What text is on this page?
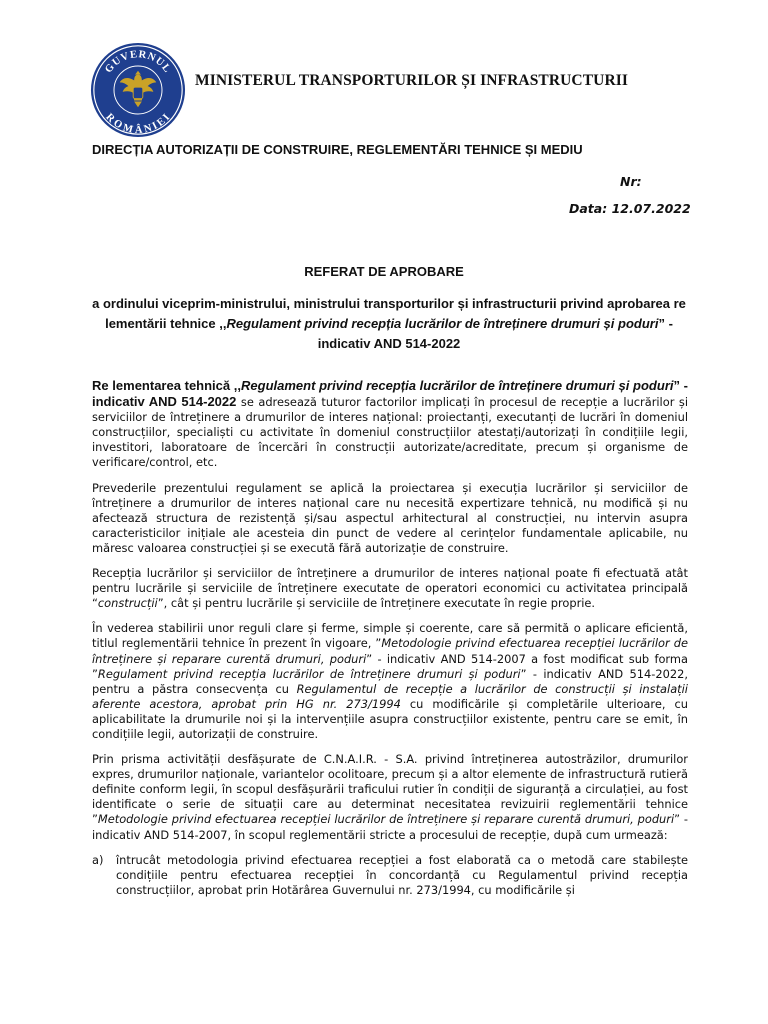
GUVERNUL
ROMÂNIEI
MINISTERUL TRANSPORTURILOR ȘI INFRASTRUCTURII
DIRECȚIA AUTORIZAȚII DE CONSTRUIRE, REGLEMENTĂRI TEHNICE ȘI MEDIU
Nr:
Data: 12.07.2022
REFERAT DE APROBARE
a ordinului viceprim-ministrului, ministrului transporturilor și infrastructurii privind aprobarea re lementării tehnice ,,Regulament privind recepția lucrărilor de întreținere drumuri și poduri” - indicativ AND 514-2022

Re lementarea tehnică ,,Regulament privind recepția lucrărilor de întreținere drumuri și poduri” - indicativ AND 514-2022 se adresează tuturor factorilor implicați în procesul de recepție a lucrărilor și serviciilor de întreținere a drumurilor de interes național: proiectanți, executanți de lucrări în domeniul construcțiilor, specialiști cu activitate în domeniul construcțiilor atestați/autorizați în condițiile legii, investitori, laboratoare de încercări în construcții autorizate/acreditate, precum și organisme de verificare/control, etc.

Prevederile prezentului regulament se aplică la proiectarea și execuția lucrărilor și serviciilor de întreținere a drumurilor de interes național care nu necesită expertizare tehnică, nu modifică și nu afectează structura de rezistență și/sau aspectul arhitectural al construcției, nu intervin asupra caracteristicilor inițiale ale acesteia din punct de vedere al cerințelor fundamentale aplicabile, nu măresc valoarea construcției și se execută fără autorizație de construire.

Recepția lucrărilor și serviciilor de întreținere a drumurilor de interes național poate fi efectuată atât pentru lucrările și serviciile de întreținere executate de operatori economici cu activitatea principală “construcții”, cât și pentru lucrările și serviciile de întreținere executate în regie proprie.

În vederea stabilirii unor reguli clare și ferme, simple și coerente, care să permită o aplicare eficientă, titlul reglementării tehnice în prezent în vigoare, ”Metodologie privind efectuarea recepției lucrărilor de întreținere și reparare curentă drumuri, poduri” - indicativ AND 514-2007 a fost modificat sub forma ”Regulament privind recepția lucrărilor de întreținere drumuri și poduri” - indicativ AND 514-2022, pentru a păstra consecvența cu Regulamentul de recepție a lucrărilor de construcții și instalații aferente acestora, aprobat prin HG nr. 273/1994 cu modificările și completările ulterioare, cu aplicabilitate la drumurile noi și la intervențiile asupra construcțiilor existente, pentru care se emit, în condițiile legii, autorizații de construire.

Prin prisma activității desfășurate de C.N.A.I.R. - S.A. privind întreținerea autostrăzilor, drumurilor expres, drumurilor naționale, variantelor ocolitoare, precum și a altor elemente de infrastructură rutieră definite conform legii, în scopul desfășurării traficului rutier în condiții de siguranță a circulației, au fost identificate o serie de situații care au determinat necesitatea revizuirii reglementării tehnice ”Metodologie privind efectuarea recepției lucrărilor de întreținere și reparare curentă drumuri, poduri” - indicativ AND 514-2007, în scopul reglementării stricte a procesului de recepție, după cum urmează:

a)	întrucât metodologia privind efectuarea recepției a fost elaborată ca o metodă care stabilește condițiile pentru efectuarea recepției în concordanță cu Regulamentul privind recepția construcțiilor, aprobat prin Hotărârea Guvernului nr. 273/1994, cu modificările și
